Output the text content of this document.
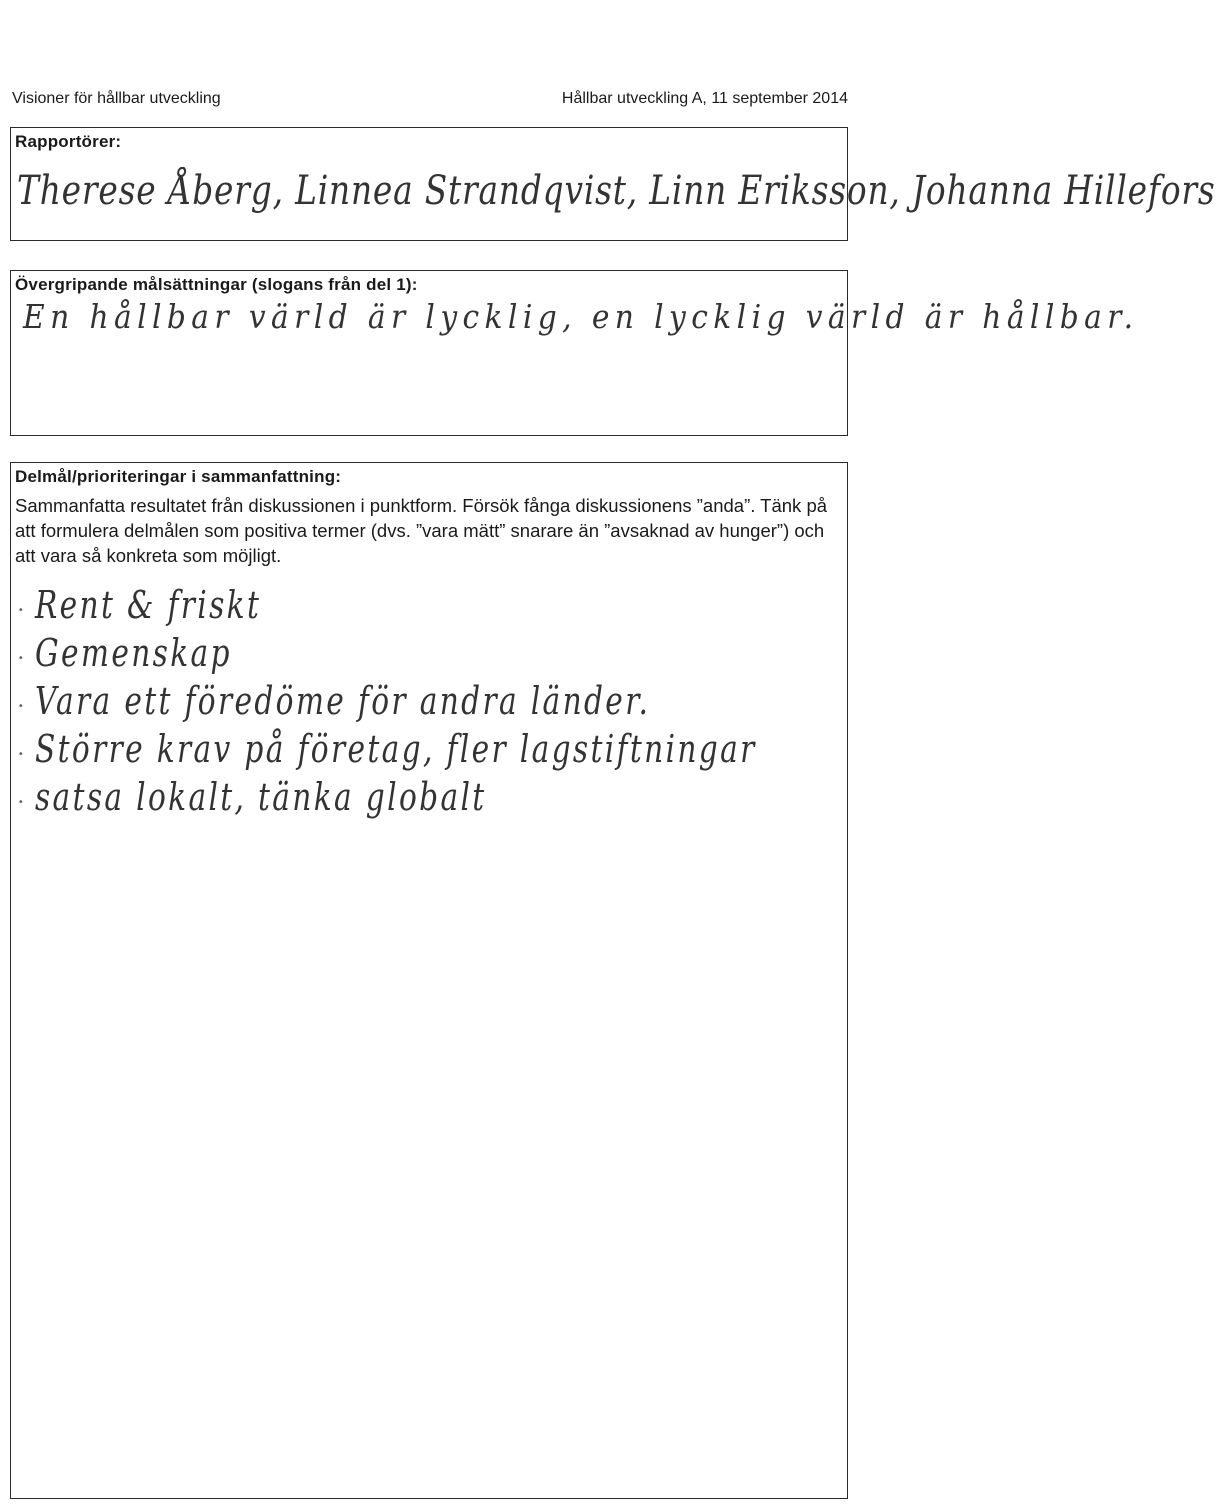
Visioner för hållbar utveckling	Hållbar utveckling A, 11 september 2014
Rapportörer:
Therese Åberg, Linnea Strandqvist, Linn Eriksson, Johanna Hillefors
Övergripande målsättningar (slogans från del 1):
En hållbar värld är lycklig, en lycklig värld är hållbar.
Delmål/prioriteringar i sammanfattning:
Sammanfatta resultatet från diskussionen i punktform. Försök fånga diskussionens ”anda”. Tänk på att formulera delmålen som positiva termer (dvs. ”vara mätt” snarare än ”avsaknad av hunger”) och att vara så konkreta som möjligt.
• Rent & friskt
• Gemenskap
• Vara ett föredöme för andra länder.
• Större krav på företag, fler lagstiftningar
• satsa lokalt, tänka globalt
